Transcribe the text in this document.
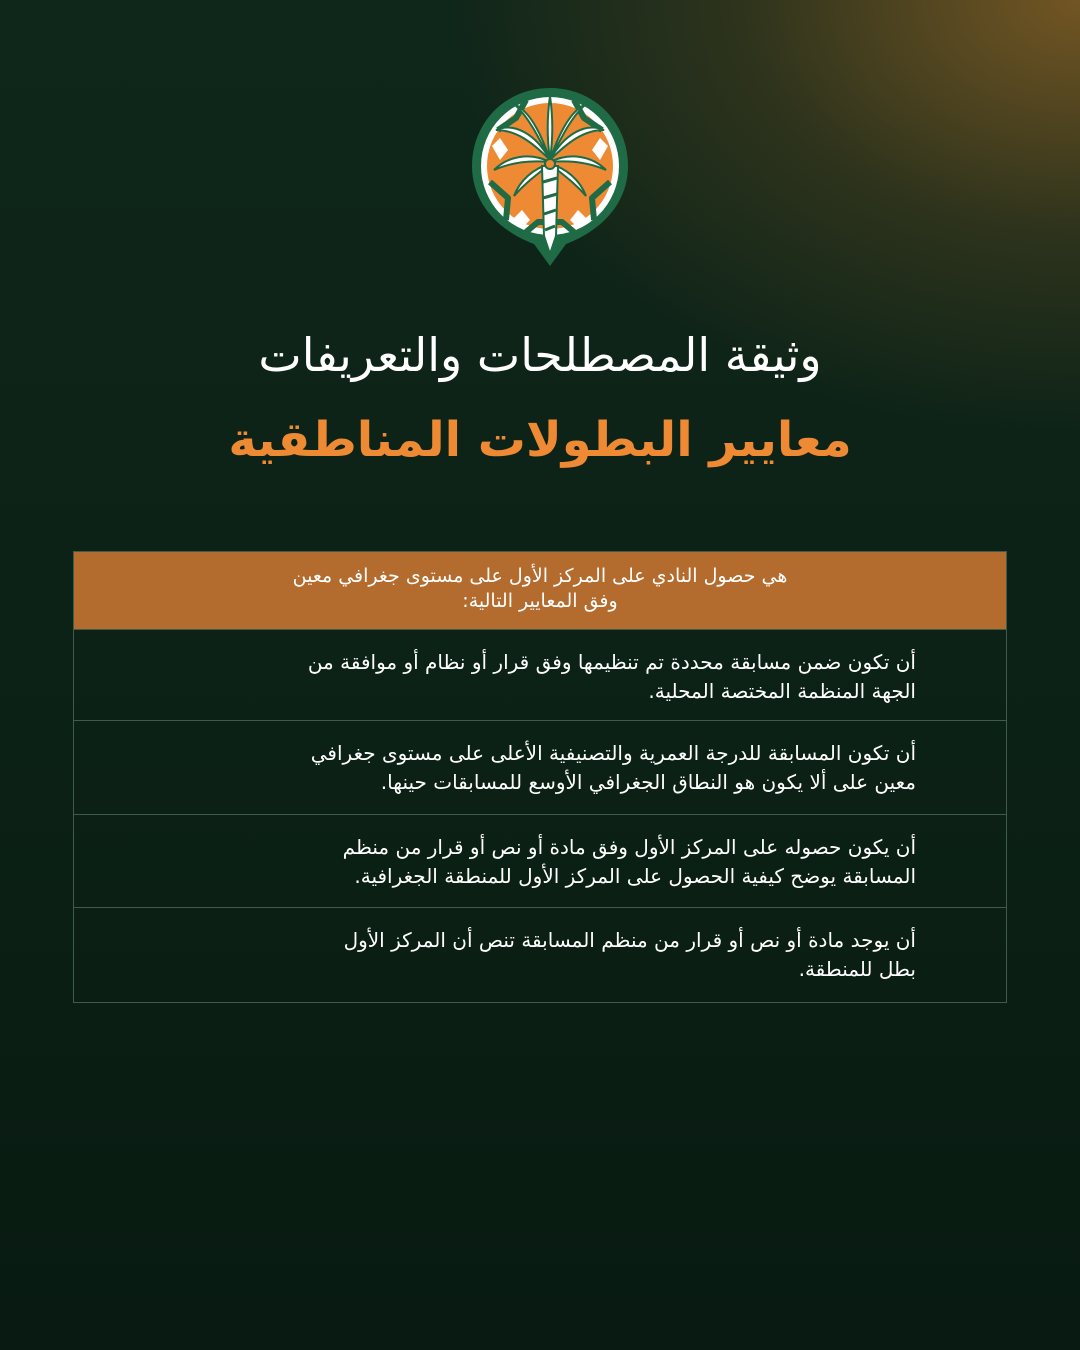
وثيقة المصطلحات والتعريفات
معايير البطولات المناطقية
هي حصول النادي على المركز الأول على مستوى جغرافي معين
وفق المعايير التالية:
أن تكون ضمن مسابقة محددة تم تنظيمها وفق قرار أو نظام أو موافقة من
الجهة المنظمة المختصة المحلية.
أن تكون المسابقة للدرجة العمرية والتصنيفية الأعلى على مستوى جغرافي
معين على ألا يكون هو النطاق الجغرافي الأوسع للمسابقات حينها.
أن يكون حصوله على المركز الأول وفق مادة أو نص أو قرار من منظم
المسابقة يوضح كيفية الحصول على المركز الأول للمنطقة الجغرافية.
أن يوجد مادة أو نص أو قرار من منظم المسابقة تنص أن المركز الأول
بطل للمنطقة.
